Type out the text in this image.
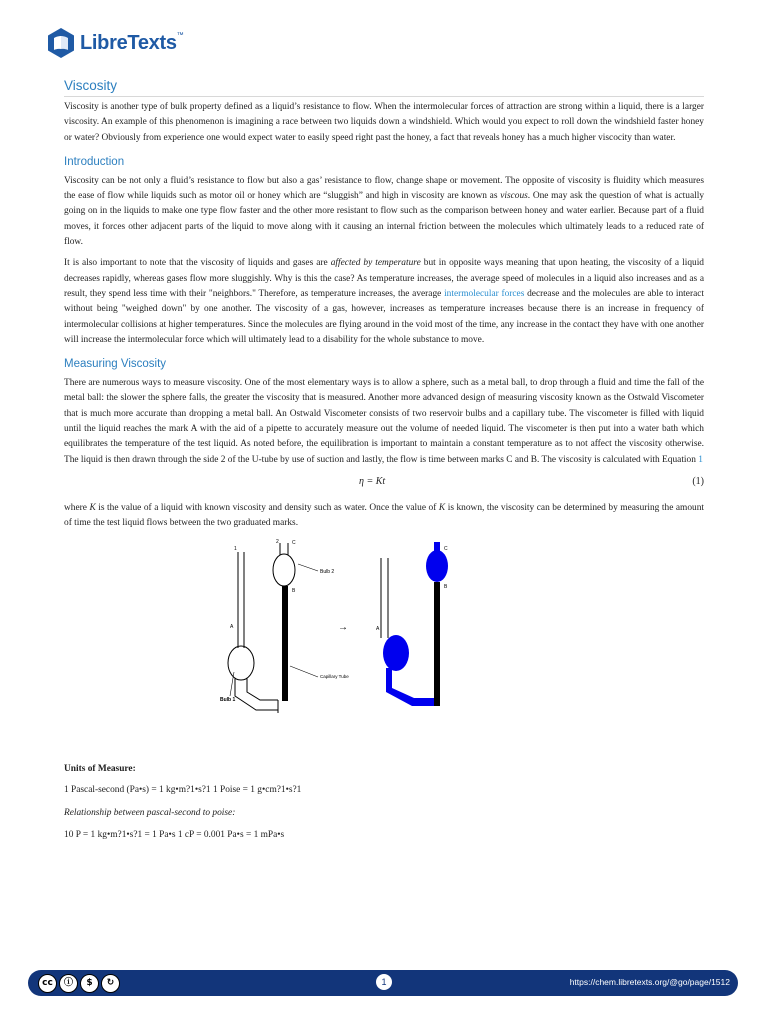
LibreTexts™
Viscosity

Viscosity is another type of bulk property defined as a liquid’s resistance to flow. When the intermolecular forces of attraction are strong within a liquid, there is a larger viscosity. An example of this phenomenon is imagining a race between two liquids down a windshield. Which would you expect to roll down the windshield faster honey or water? Obviously from experience one would expect water to easily speed right past the honey, a fact that reveals honey has a much higher viscocity than water.

Introduction

Viscosity can be not only a fluid’s resistance to flow but also a gas’ resistance to flow, change shape or movement. The opposite of viscosity is fluidity which measures the ease of flow while liquids such as motor oil or honey which are “sluggish” and high in viscosity are known as viscous. One may ask the question of what is actually going on in the liquids to make one type flow faster and the other more resistant to flow such as the comparison between honey and water earlier. Because part of a fluid moves, it forces other adjacent parts of the liquid to move along with it causing an internal friction between the molecules which ultimately leads to a reduced rate of flow.

It is also important to note that the viscosity of liquids and gases are affected by temperature but in opposite ways meaning that upon heating, the viscosity of a liquid decreases rapidly, whereas gases flow more sluggishly. Why is this the case? As temperature increases, the average speed of molecules in a liquid also increases and as a result, they spend less time with their "neighbors." Therefore, as temperature increases, the average intermolecular forces decrease and the molecules are able to interact without being "weighed down" by one another. The viscosity of a gas, however, increases as temperature increases because there is an increase in frequency of intermolecular collisions at higher temperatures. Since the molecules are flying around in the void most of the time, any increase in the contact they have with one another will increase the intermolecular force which will ultimately lead to a disability for the whole substance to move.

Measuring Viscosity

There are numerous ways to measure viscosity. One of the most elementary ways is to allow a sphere, such as a metal ball, to drop through a fluid and time the fall of the metal ball: the slower the sphere falls, the greater the viscosity that is measured. Another more advanced design of measuring viscosity known as the Ostwald Viscometer that is much more accurate than dropping a metal ball. An Ostwald Viscometer consists of two reservoir bulbs and a capillary tube. The viscometer is filled with liquid until the liquid reaches the mark A with the aid of a pipette to accurately measure out the volume of needed liquid. The viscometer is then put into a water bath which equilibrates the temperature of the test liquid. As noted before, the equilibration is important to maintain a constant temperature as to not affect the viscosity otherwise. The liquid is then drawn through the side 2 of the U-tube by use of suction and lastly, the flow is time between marks C and B. The viscosity is calculated with Equation 1

η = Kt	(1)

where K is the value of a liquid with known viscosity and density such as water. Once the value of K is known, the viscosity can be determined by measuring the amount of time the test liquid flows between the two graduated marks.

1
2	C
B
A
Bulb 2
Capillary Tube
Bulb 1
→
C
B
A
Units of Measure:
1 Pascal-second (Pa•s) = 1 kg•m?1•s?1 1 Poise = 1 g•cm?1•s?1
Relationship between pascal-second to poise:
10 P = 1 kg•m?1•s?1 = 1 Pa•s 1 cP = 0.001 Pa•s = 1 mPa•s
cc	ⓘ	$	↻	1	https://chem.libretexts.org/@go/page/1512
